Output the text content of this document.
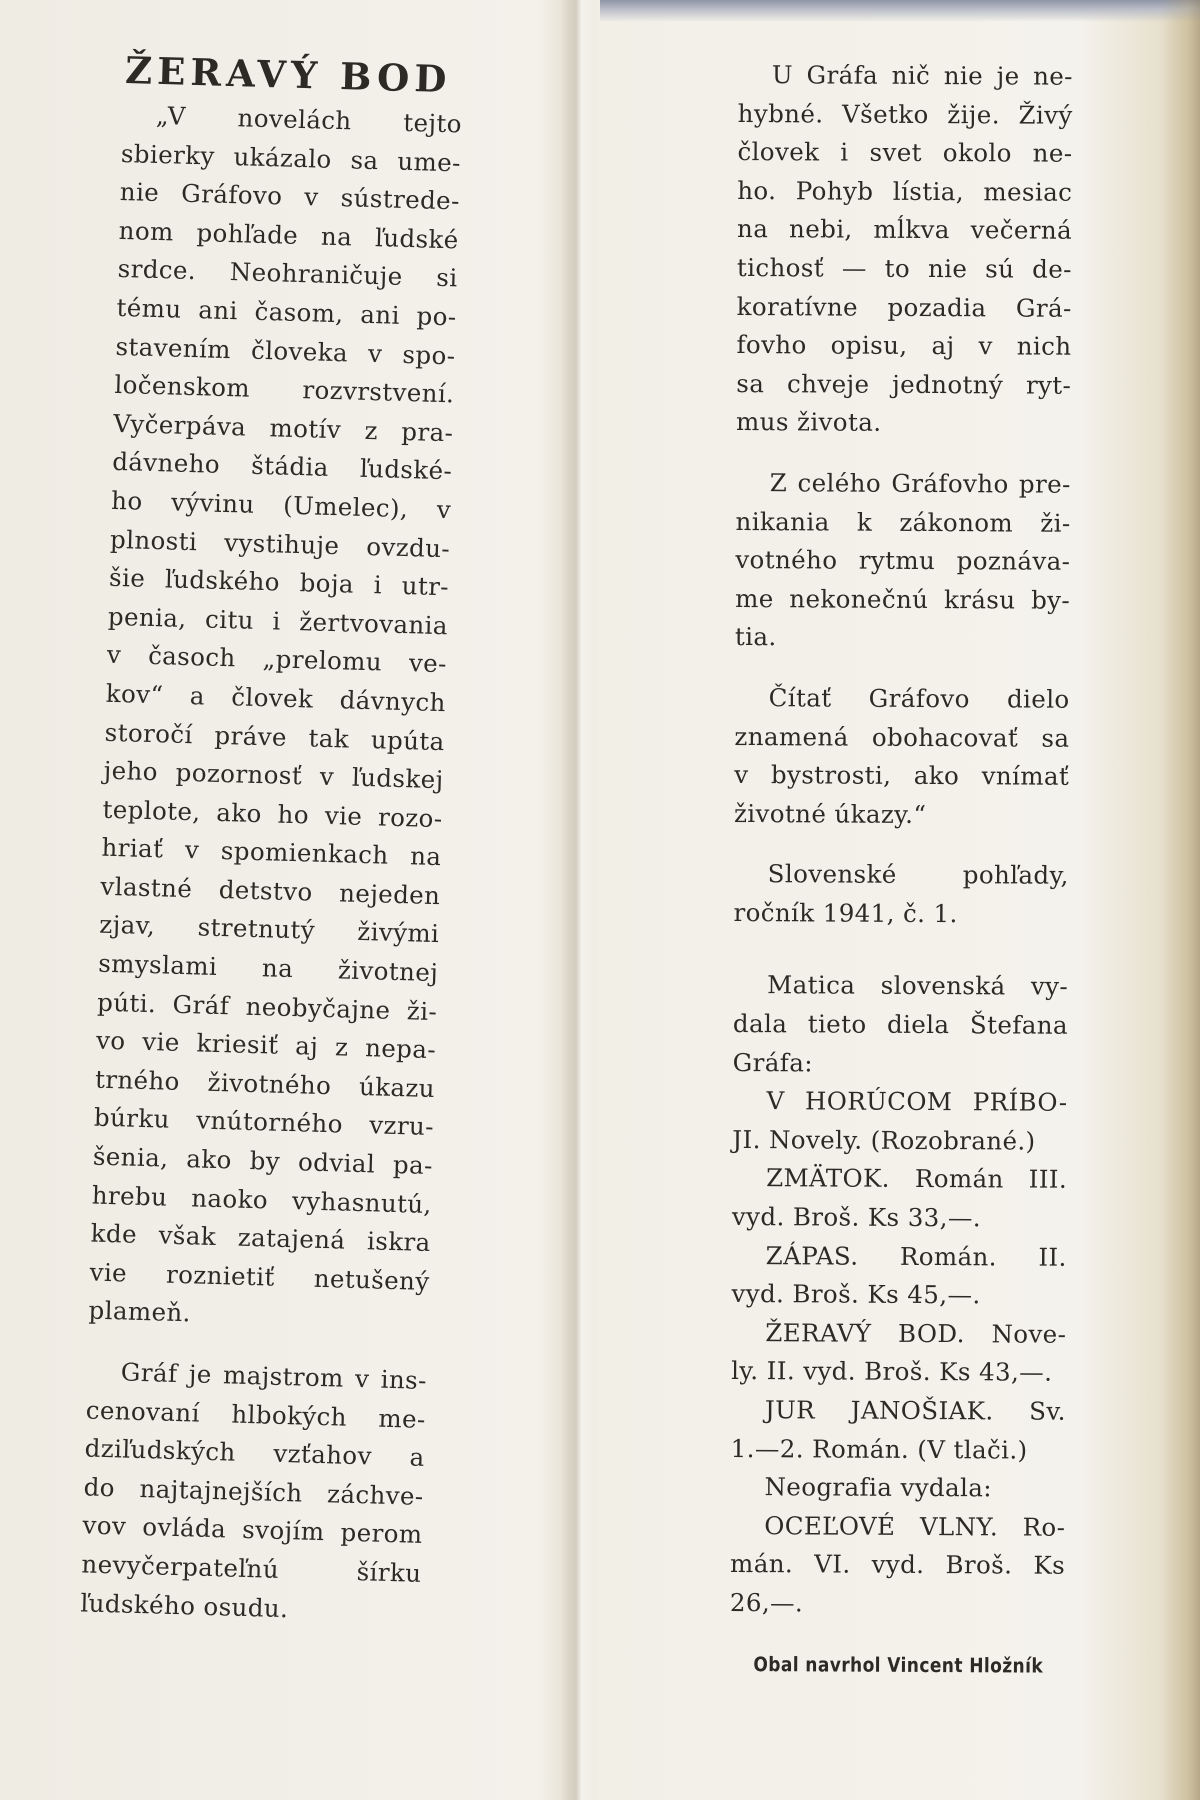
ŽERAVÝ BOD
„V novelách tejto
sbierky ukázalo sa ume-
nie Gráfovo v sústrede-
nom pohľade na ľudské
srdce. Neohraničuje si
tému ani časom, ani po-
stavením človeka v spo-
ločenskom rozvrstvení.
Vyčerpáva motív z pra-
dávneho štádia ľudské-
ho vývinu (Umelec), v
plnosti vystihuje ovzdu-
šie ľudského boja i utr-
penia, citu i žertvovania
v časoch „prelomu ve-
kov“ a človek dávnych
storočí práve tak upúta
jeho pozornosť v ľudskej
teplote, ako ho vie rozo-
hriať v spomienkach na
vlastné detstvo nejeden
zjav, stretnutý živými
smyslami na životnej
púti. Gráf neobyčajne ži-
vo vie kriesiť aj z nepa-
trného životného úkazu
búrku vnútorného vzru-
šenia, ako by odvial pa-
hrebu naoko vyhasnutú,
kde však zatajená iskra
vie roznietiť netušený
plameň.
Gráf je majstrom v ins-
cenovaní hlbokých me-
dziľudských vzťahov a
do najtajnejších záchve-
vov ovláda svojím perom
nevyčerpateľnú šírku
ľudského osudu.
U Gráfa nič nie je ne-
hybné. Všetko žije. Živý
človek i svet okolo ne-
ho. Pohyb lístia, mesiac
na nebi, mĺkva večerná
tichosť — to nie sú de-
koratívne pozadia Grá-
fovho opisu, aj v nich
sa chveje jednotný ryt-
mus života.
Z celého Gráfovho pre-
nikania k zákonom ži-
votného rytmu poznáva-
me nekonečnú krásu by-
tia.
Čítať Gráfovo dielo
znamená obohacovať sa
v bystrosti, ako vnímať
životné úkazy.“
Slovenské pohľady,
ročník 1941, č. 1.
Matica slovenská vy-
dala tieto diela Štefana
Gráfa:
V HORÚCOM PRÍBO-
JI. Novely. (Rozobrané.)
ZMÄTOK. Román III.
vyd. Broš. Ks 33,—.
ZÁPAS. Román. II.
vyd. Broš. Ks 45,—.
ŽERAVÝ BOD. Nove-
ly. II. vyd. Broš. Ks 43,—.
JUR JANOŠIAK. Sv.
1.—2. Román. (V tlači.)
Neografia vydala:
OCEĽOVÉ VLNY. Ro-
mán. VI. vyd. Broš. Ks
26,—.
Obal navrhol Vincent Hložník
